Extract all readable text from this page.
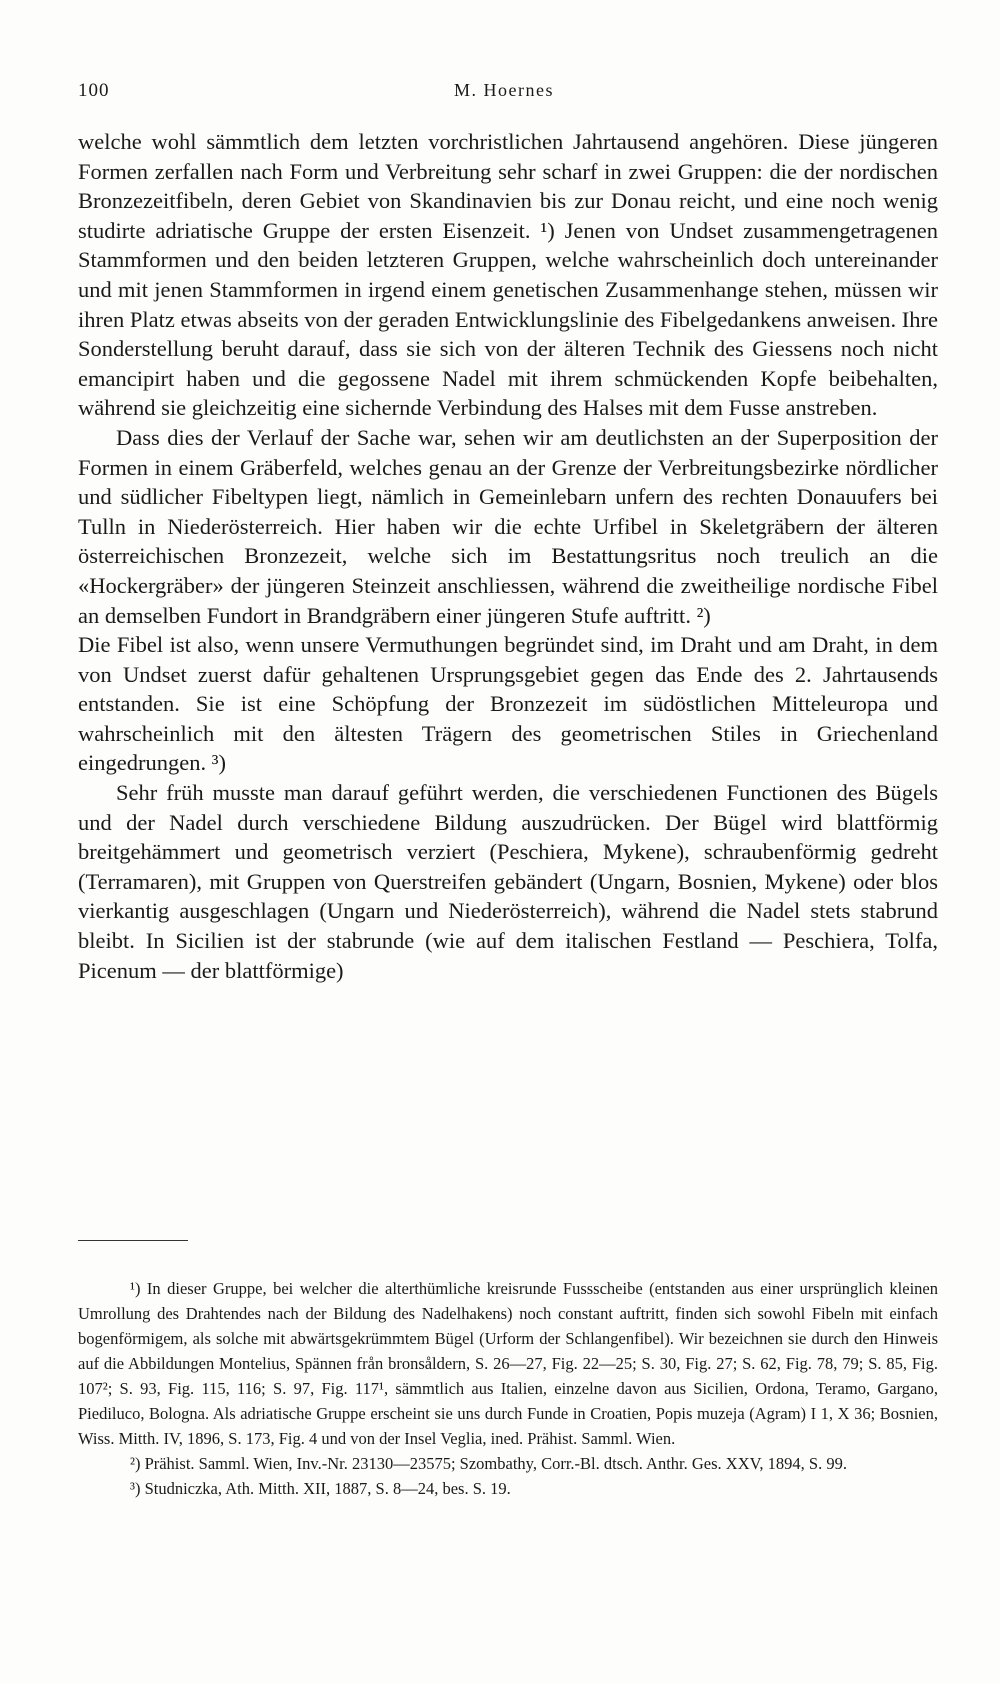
100	M. Hoernes

welche wohl sämmtlich dem letzten vorchristlichen Jahrtausend angehören. Diese jüngeren Formen zerfallen nach Form und Verbreitung sehr scharf in zwei Gruppen: die der nordischen Bronzezeitfibeln, deren Gebiet von Skandinavien bis zur Donau reicht, und eine noch wenig studirte adriatische Gruppe der ersten Eisenzeit. ¹) Jenen von Undset zusammengetragenen Stammformen und den beiden letzteren Gruppen, welche wahrscheinlich doch untereinander und mit jenen Stammformen in irgend einem genetischen Zusammenhange stehen, müssen wir ihren Platz etwas abseits von der geraden Entwicklungslinie des Fibelgedankens anweisen. Ihre Sonderstellung beruht darauf, dass sie sich von der älteren Technik des Giessens noch nicht emancipirt haben und die gegossene Nadel mit ihrem schmückenden Kopfe beibehalten, während sie gleichzeitig eine sichernde Verbindung des Halses mit dem Fusse anstreben.

Dass dies der Verlauf der Sache war, sehen wir am deutlichsten an der Superposition der Formen in einem Gräberfeld, welches genau an der Grenze der Verbreitungsbezirke nördlicher und südlicher Fibeltypen liegt, nämlich in Gemeinlebarn unfern des rechten Donauufers bei Tulln in Niederösterreich. Hier haben wir die echte Urfibel in Skeletgräbern der älteren österreichischen Bronzezeit, welche sich im Bestattungsritus noch treulich an die «Hockergräber» der jüngeren Steinzeit anschliessen, während die zweitheilige nordische Fibel an demselben Fundort in Brandgräbern einer jüngeren Stufe auftritt. ²)

Die Fibel ist also, wenn unsere Vermuthungen begründet sind, im Draht und am Draht, in dem von Undset zuerst dafür gehaltenen Ursprungsgebiet gegen das Ende des 2. Jahrtausends entstanden. Sie ist eine Schöpfung der Bronzezeit im südöstlichen Mitteleuropa und wahrscheinlich mit den ältesten Trägern des geometrischen Stiles in Griechenland eingedrungen. ³)

Sehr früh musste man darauf geführt werden, die verschiedenen Functionen des Bügels und der Nadel durch verschiedene Bildung auszudrücken. Der Bügel wird blattförmig breitgehämmert und geometrisch verziert (Peschiera, Mykene), schraubenförmig gedreht (Terramaren), mit Gruppen von Querstreifen gebändert (Ungarn, Bosnien, Mykene) oder blos vierkantig ausgeschlagen (Ungarn und Niederösterreich), während die Nadel stets stabrund bleibt. In Sicilien ist der stabrunde (wie auf dem italischen Festland — Peschiera, Tolfa, Picenum — der blattförmige)

¹) In dieser Gruppe, bei welcher die alterthümliche kreisrunde Fussscheibe (entstanden aus einer ursprünglich kleinen Umrollung des Drahtendes nach der Bildung des Nadelhakens) noch constant auftritt, finden sich sowohl Fibeln mit einfach bogenförmigem, als solche mit abwärtsgekrümmtem Bügel (Urform der Schlangenfibel). Wir bezeichnen sie durch den Hinweis auf die Abbildungen Montelius, Spännen från bronsåldern, S. 26—27, Fig. 22—25; S. 30, Fig. 27; S. 62, Fig. 78, 79; S. 85, Fig. 107²; S. 93, Fig. 115, 116; S. 97, Fig. 117¹, sämmtlich aus Italien, einzelne davon aus Sicilien, Ordona, Teramo, Gargano, Piediluco, Bologna. Als adriatische Gruppe erscheint sie uns durch Funde in Croatien, Popis muzeja (Agram) I 1, X 36; Bosnien, Wiss. Mitth. IV, 1896, S. 173, Fig. 4 und von der Insel Veglia, ined. Prähist. Samml. Wien.

²) Prähist. Samml. Wien, Inv.-Nr. 23130—23575; Szombathy, Corr.-Bl. dtsch. Anthr. Ges. XXV, 1894, S. 99.

³) Studniczka, Ath. Mitth. XII, 1887, S. 8—24, bes. S. 19.
